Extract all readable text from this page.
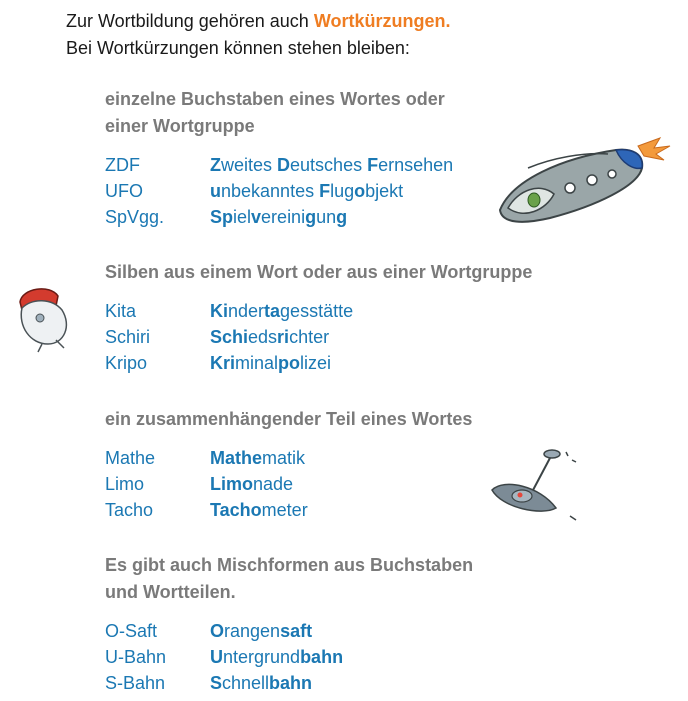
Zur Wortbildung gehören auch Wortkürzungen.
Bei Wortkürzungen können stehen bleiben:
einzelne Buchstaben eines Wortes oder
einer Wortgruppe
ZDF	Zweites Deutsches Fernsehen
UFO	unbekanntes Flugobjekt
SpVgg.	Spielvereinigung
Silben aus einem Wort oder aus einer Wortgruppe
Kita	Kindertagesstätte
Schiri	Schiedsrichter
Kripo	Kriminalpolizei
ein zusammenhängender Teil eines Wortes
Mathe	Mathematik
Limo	Limonade
Tacho	Tachometer
Es gibt auch Mischformen aus Buchstaben
und Wortteilen.
O-Saft	Orangensaft
U-Bahn	Untergrundbahn
S-Bahn	Schnellbahn
